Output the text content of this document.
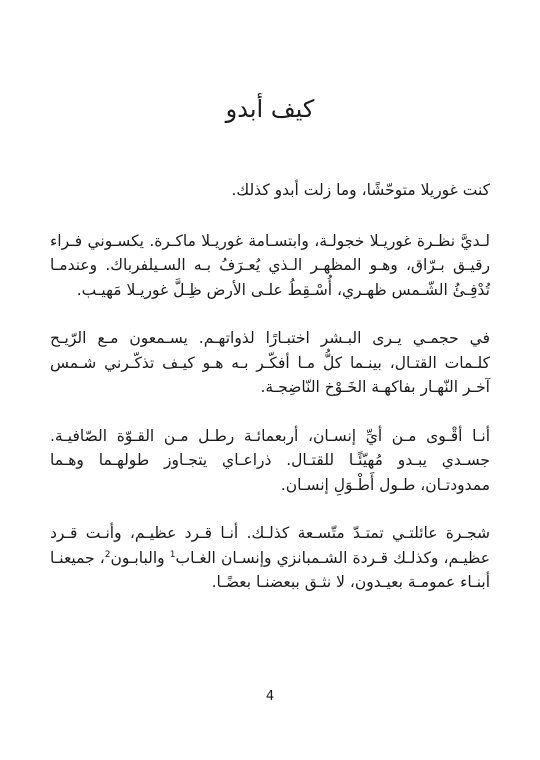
كيف أبدو

كنت غوريلا متوحّشًا، وما زلت أبدو كذلك.

لـديَّ نظـرة غوريـلا خجولـة، وابتسـامة غوريـلا ماكـرة. يكسـوني فـراء رقيـق بـرّاق، وهـو المظهـر الـذي يُعـرَفُ بـه السـيلفرباك. وعندمـا تُدْفِـئُ الشّـمس ظهـري، أُسْـقِطُ علـى الأرض ظِـلَّ غوريـلا مَهيـب.

في حجمـي يـرى البـشر اختبـارًا لذواتهـم. يسـمعون مـع الرّيـح كلـمات القتـال، بينـما كلُّ مـا أفكّـر بـه هـو كيـف تذكّـرني شـمس آخـر النّهـار بفاكهـة الخَـوْخ النّاضِجـة.

أنـا أقْـوى مـن أيِّ إنسـان، أربعمائـة رطـل مـن القـوّة الصّافيـة. جسـدي يبـدو مُهيّئًـا للقتـال. ذراعـاي يتجـاوز طولهـما وهـما ممدودتـان، طـول أَطْـوَلِ إنسـان.

شجـرة عائلتـي تمتـدّ متّسـعة كذلـك. أنـا قـرد عظيـم، وأنـت قـرد عظيـم، وكذلـك قـردة الشـمبانزي وإنسـان الغـاب$^1$ والبابـون$^2$، جميعنـا أبنـاء عمومـة بعيـدون، لا نثـق ببعضنـا بعضًـا.

4
